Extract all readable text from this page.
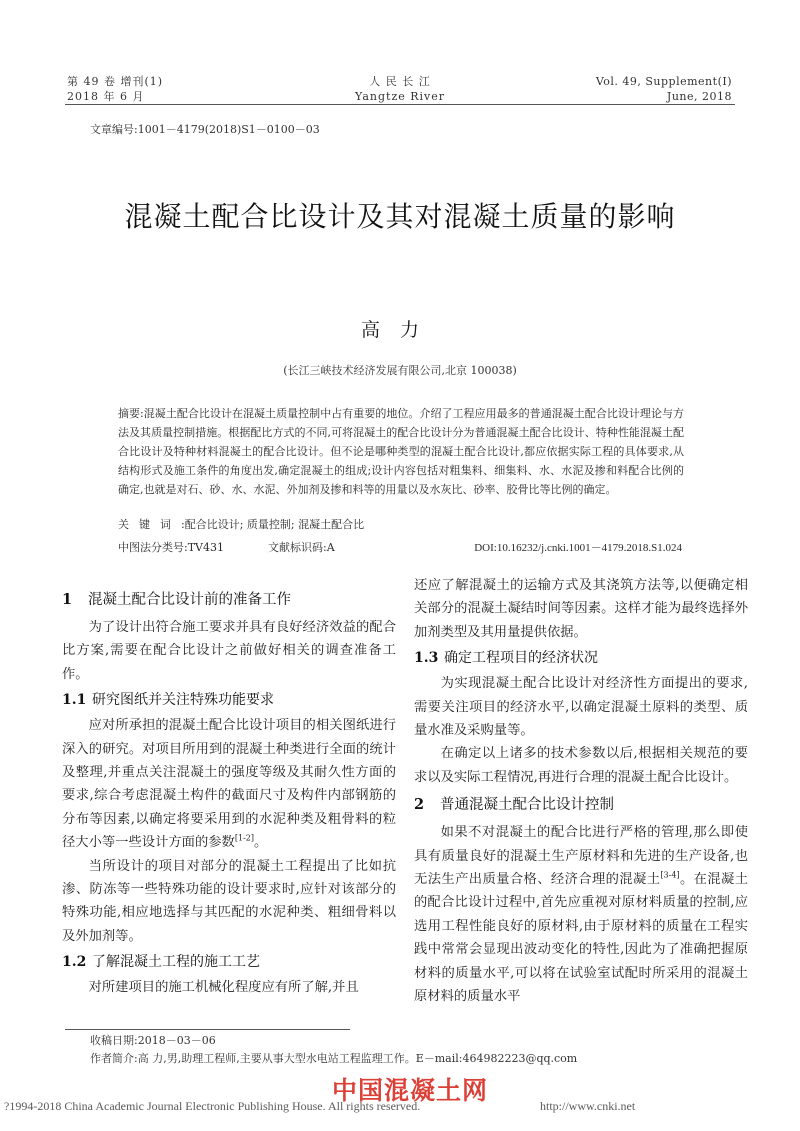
第 49 卷 增刊(1)
2018 年 6 月
人 民 长 江
Yangtze River
Vol. 49, Supplement(Ⅰ)
June, 2018
文章编号:1001－4179(2018)S1－0100－03
混凝土配合比设计及其对混凝土质量的影响
高力
(长江三峡技术经济发展有限公司,北京 100038)

摘要:混凝土配合比设计在混凝土质量控制中占有重要的地位。介绍了工程应用最多的普通混凝土配合比设计理论与方法及其质量控制措施。根据配比方式的不同,可将混凝土的配合比设计分为普通混凝土配合比设计、特种性能混凝土配合比设计及特种材料混凝土的配合比设计。但不论是哪种类型的混凝土配合比设计,都应依据实际工程的具体要求,从结构形式及施工条件的角度出发,确定混凝土的组成;设计内容包括对粗集料、细集料、水、水泥及掺和料配合比例的确定,也就是对石、砂、水、水泥、外加剂及掺和料等的用量以及水灰比、砂率、胶骨比等比例的确定。

关键词:配合比设计; 质量控制; 混凝土配合比
中图法分类号:TV431	文献标识码:A	DOI:10.16232/j.cnki.1001－4179.2018.S1.024
1 混凝土配合比设计前的准备工作

为了设计出符合施工要求并具有良好经济效益的配合比方案,需要在配合比设计之前做好相关的调查准备工作。

1.1 研究图纸并关注特殊功能要求

应对所承担的混凝土配合比设计项目的相关图纸进行深入的研究。对项目所用到的混凝土种类进行全面的统计及整理,并重点关注混凝土的强度等级及其耐久性方面的要求,综合考虑混凝土构件的截面尺寸及构件内部钢筋的分布等因素,以确定将要采用到的水泥种类及粗骨料的粒径大小等一些设计方面的参数[1-2]。

当所设计的项目对部分的混凝土工程提出了比如抗渗、防冻等一些特殊功能的设计要求时,应针对该部分的特殊功能,相应地选择与其匹配的水泥种类、粗细骨料以及外加剂等。

1.2 了解混凝土工程的施工工艺

对所建项目的施工机械化程度应有所了解,并且

还应了解混凝土的运输方式及其浇筑方法等,以便确定相关部分的混凝土凝结时间等因素。这样才能为最终选择外加剂类型及其用量提供依据。

1.3 确定工程项目的经济状况

为实现混凝土配合比设计对经济性方面提出的要求,需要关注项目的经济水平,以确定混凝土原料的类型、质量水准及采购量等。

在确定以上诸多的技术参数以后,根据相关规范的要求以及实际工程情况,再进行合理的混凝土配合比设计。

2 普通混凝土配合比设计控制

如果不对混凝土的配合比进行严格的管理,那么即使具有质量良好的混凝土生产原材料和先进的生产设备,也无法生产出质量合格、经济合理的混凝土[3-4]。在混凝土的配合比设计过程中,首先应重视对原材料质量的控制,应选用工程性能良好的原材料,由于原材料的质量在工程实践中常常会显现出波动变化的特性,因此为了准确把握原材料的质量水平,可以将在试验室试配时所采用的混凝土原材料的质量水平

收稿日期:2018－03－06
作者简介:高 力,男,助理工程师,主要从事大型水电站工程监理工作。E－mail:464982223@qq.com
中国混凝土网
?1994-2018 China Academic Journal Electronic Publishing House. All rights reserved.	http://www.cnki.net
